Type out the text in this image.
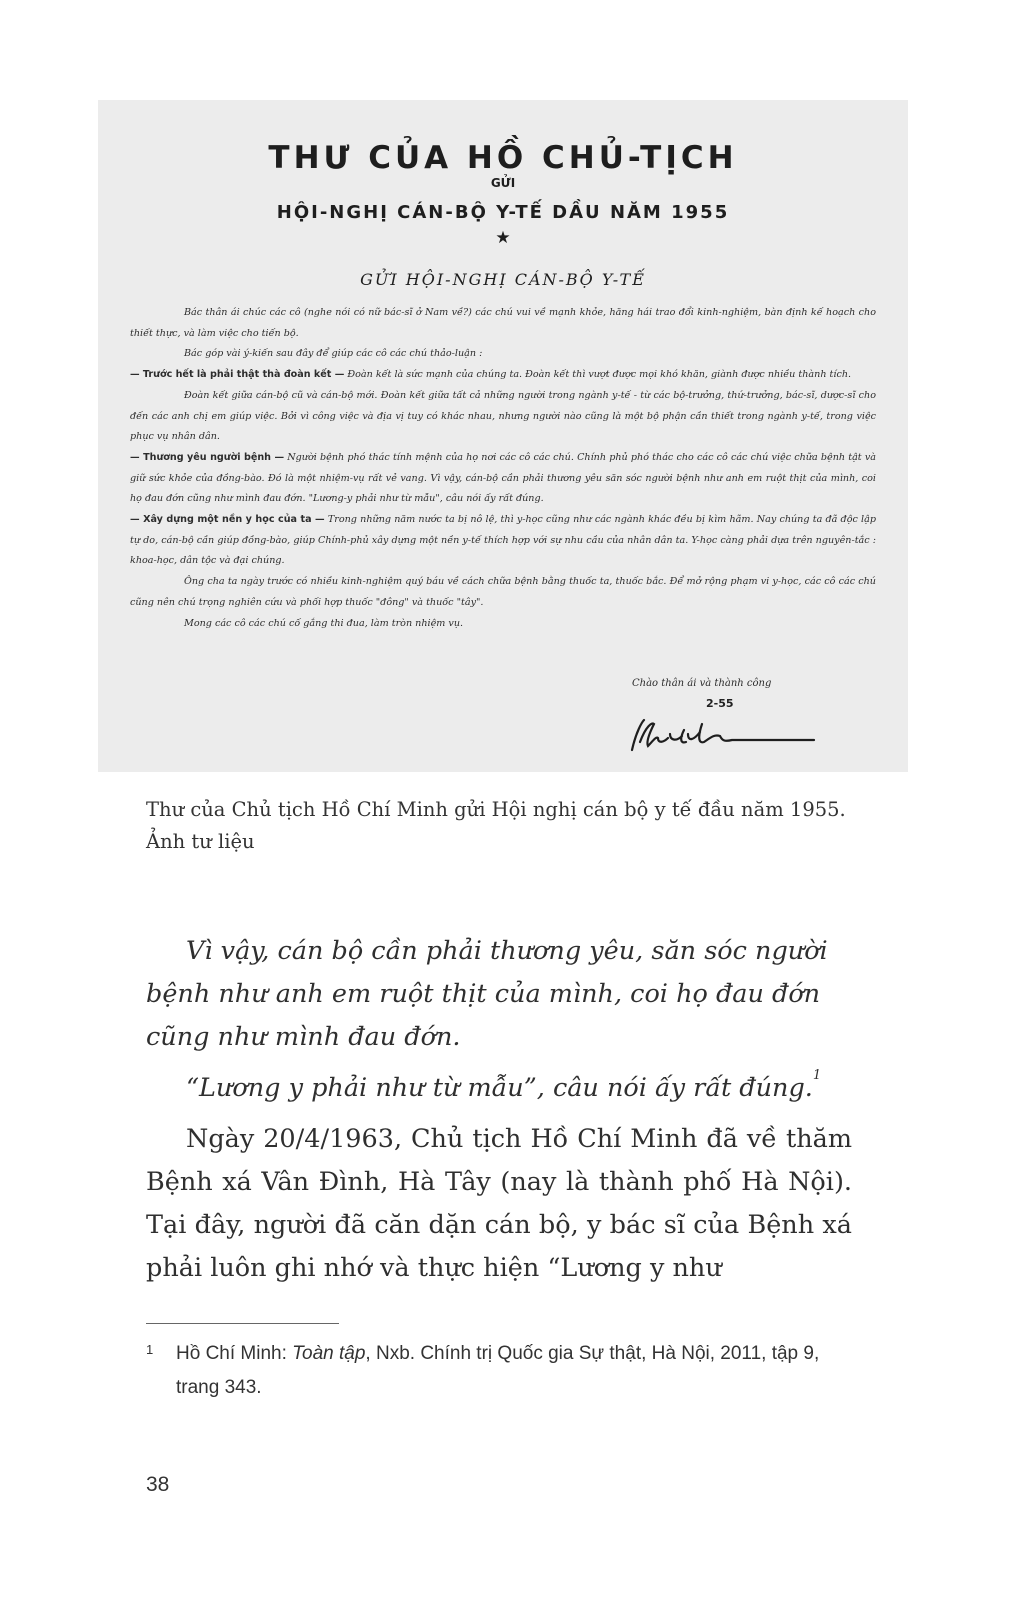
THƯ CỦA HỒ CHỦ-TỊCH
GỬI
HỘI-NGHỊ CÁN-BỘ Y-TẾ DẦU NĂM 1955
★
GỬI HỘI-NGHỊ CÁN-BỘ Y-TẾ

Bác thân ái chúc các cô (nghe nói có nữ bác-sĩ ở Nam về?) các chú vui về mạnh khỏe, hăng hái trao đổi kinh-nghiệm, bàn định kế hoạch cho thiết thực, và làm việc cho tiến bộ.

Bác góp vài ý-kiến sau đây để giúp các cô các chú thảo-luận :

— Trước hết là phải thật thà đoàn kết — Đoàn kết là sức mạnh của chúng ta. Đoàn kết thì vượt được mọi khó khăn, giành được nhiều thành tích.

Đoàn kết giữa cán-bộ cũ và cán-bộ mới. Đoàn kết giữa tất cả những người trong ngành y-tế - từ các bộ-trưởng, thứ-trưởng, bác-sĩ, dược-sĩ cho đến các anh chị em giúp việc. Bởi vì công việc và địa vị tuy có khác nhau, nhưng người nào cũng là một bộ phận cần thiết trong ngành y-tế, trong việc phục vụ nhân dân.

— Thương yêu người bệnh — Người bệnh phó thác tính mệnh của họ nơi các cô các chú. Chính phủ phó thác cho các cô các chú việc chữa bệnh tật và giữ sức khỏe của đồng-bào. Đó là một nhiệm-vụ rất vẻ vang. Vì vậy, cán-bộ cần phải thương yêu săn sóc người bệnh như anh em ruột thịt của mình, coi họ đau đớn cũng như mình đau đớn. "Lương-y phải như từ mẫu", câu nói ấy rất đúng.

— Xây dựng một nền y học của ta — Trong những năm nước ta bị nô lệ, thì y-học cũng như các ngành khác đều bị kìm hãm. Nay chúng ta đã độc lập tự do, cán-bộ cần giúp đồng-bào, giúp Chính-phủ xây dựng một nền y-tế thích hợp với sự nhu cầu của nhân dân ta. Y-học càng phải dựa trên nguyên-tắc : khoa-học, dân tộc và đại chúng.

Ông cha ta ngày trước có nhiều kinh-nghiệm quý báu về cách chữa bệnh bằng thuốc ta, thuốc bắc. Để mở rộng phạm vi y-học, các cô các chú cũng nên chú trọng nghiên cứu và phối hợp thuốc "đông" và thuốc "tây".

Mong các cô các chú cố gắng thi đua, làm tròn nhiệm vụ.

Chào thân ái và thành công
2-55
Thư của Chủ tịch Hồ Chí Minh gửi Hội nghị cán bộ y tế đầu năm 1955. Ảnh tư liệu

Vì vậy, cán bộ cần phải thương yêu, săn sóc người bệnh như anh em ruột thịt của mình, coi họ đau đớn cũng như mình đau đớn.

“Lương y phải như từ mẫu”, câu nói ấy rất đúng.$^1$

Ngày 20/4/1963, Chủ tịch Hồ Chí Minh đã về thăm Bệnh xá Vân Đình, Hà Tây (nay là thành phố Hà Nội). Tại đây, người đã căn dặn cán bộ, y bác sĩ của Bệnh xá phải luôn ghi nhớ và thực hiện “Lương y như

1 Hồ Chí Minh: Toàn tập, Nxb. Chính trị Quốc gia Sự thật, Hà Nội, 2011, tập 9, trang 343.
38
